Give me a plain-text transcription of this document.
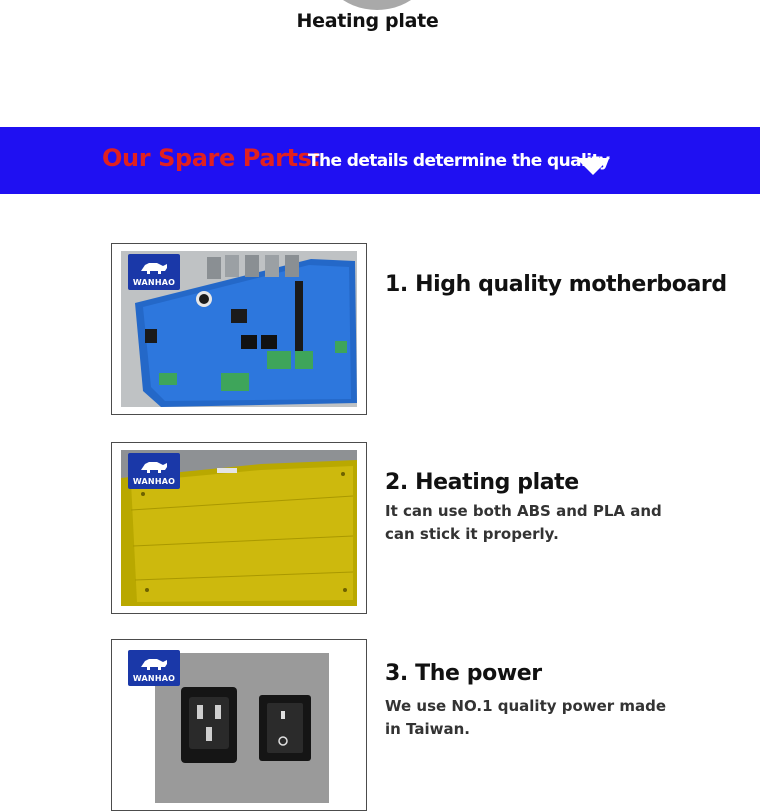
Heating plate
Our Spare Parts:
The details determine the quality
WANHAO	1. High quality motherboard
WANHAO	2. Heating plate
It can use both ABS and PLA and can stick it properly.
WANHAO	3. The power
We use NO.1 quality power made in Taiwan.
